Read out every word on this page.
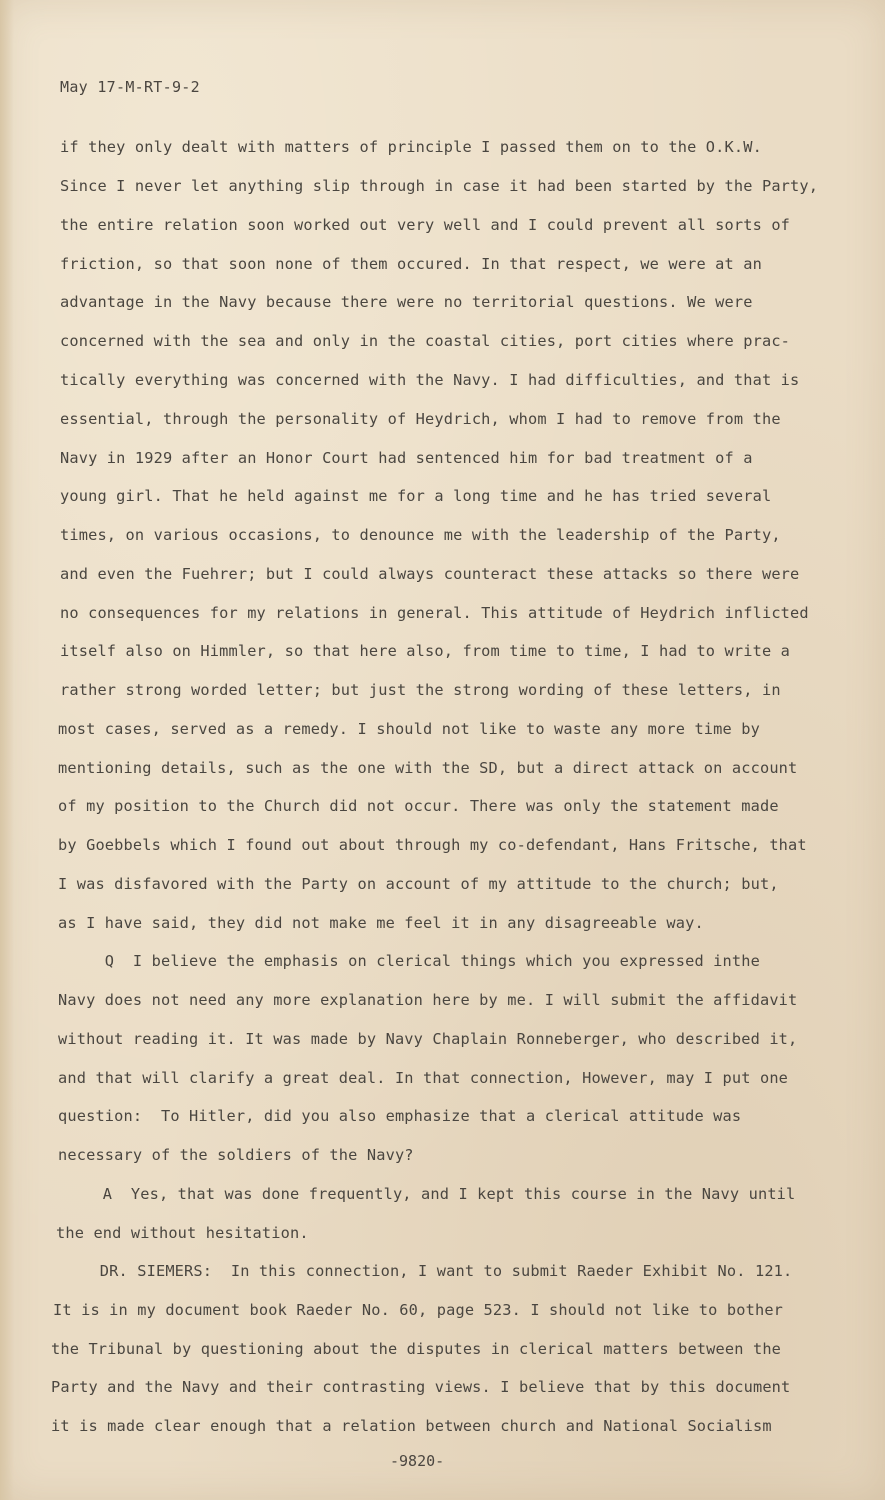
May 17-M-RT-9-2
if they only dealt with matters of principle I passed them on to the O.K.W.
Since I never let anything slip through in case it had been started by the Party,
the entire relation soon worked out very well and I could prevent all sorts of
friction, so that soon none of them occured. In that respect, we were at an
advantage in the Navy because there were no territorial questions. We were
concerned with the sea and only in the coastal cities, port cities where prac-
tically everything was concerned with the Navy. I had difficulties, and that is
essential, through the personality of Heydrich, whom I had to remove from the
Navy in 1929 after an Honor Court had sentenced him for bad treatment of a
young girl. That he held against me for a long time and he has tried several
times, on various occasions, to denounce me with the leadership of the Party,
and even the Fuehrer; but I could always counteract these attacks so there were
no consequences for my relations in general. This attitude of Heydrich inflicted
itself also on Himmler, so that here also, from time to time, I had to write a
rather strong worded letter; but just the strong wording of these letters, in
most cases, served as a remedy. I should not like to waste any more time by
mentioning details, such as the one with the SD, but a direct attack on account
of my position to the Church did not occur. There was only the statement made
by Goebbels which I found out about through my co-defendant, Hans Fritsche, that
I was disfavored with the Party on account of my attitude to the church; but,
as I have said, they did not make me feel it in any disagreeable way.
Q  I believe the emphasis on clerical things which you expressed inthe
Navy does not need any more explanation here by me. I will submit the affidavit
without reading it. It was made by Navy Chaplain Ronneberger, who described it,
and that will clarify a great deal. In that connection, However, may I put one
question:  To Hitler, did you also emphasize that a clerical attitude was
necessary of the soldiers of the Navy?
A  Yes, that was done frequently, and I kept this course in the Navy until
the end without hesitation.
DR. SIEMERS:  In this connection, I want to submit Raeder Exhibit No. 121.
It is in my document book Raeder No. 60, page 523. I should not like to bother
the Tribunal by questioning about the disputes in clerical matters between the
Party and the Navy and their contrasting views. I believe that by this document
it is made clear enough that a relation between church and National Socialism
-9820-
